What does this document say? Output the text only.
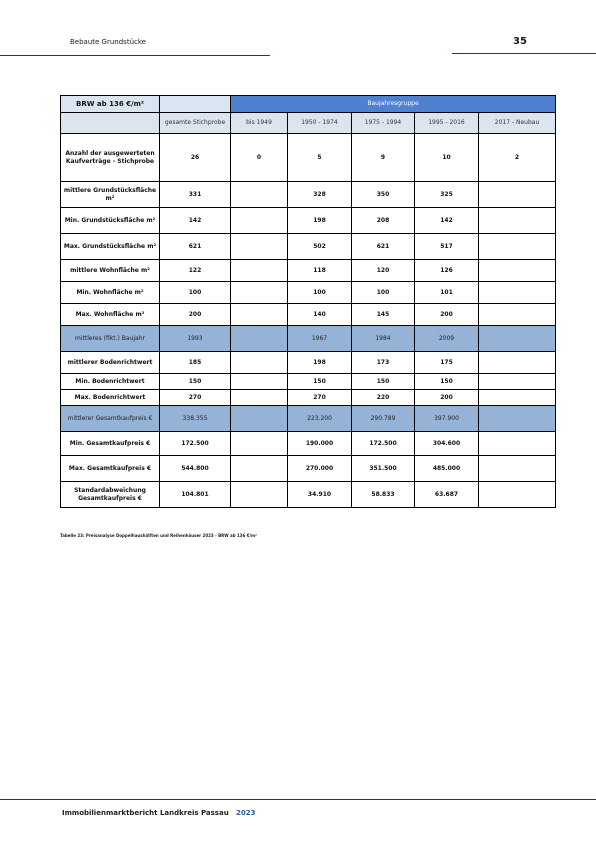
Bebaute Grundstücke	35
BRW ab 136 €/m²		Baujahresgruppe				
	gesamte Stichprobe	bis 1949	1950 - 1974	1975 - 1994	1995 - 2016	2017 - Neubau
Anzahl der ausgewerteten Kaufverträge - Stichprobe	26	0	5	9	10	2
mittlere Grundstücksfläche m²	331		328	350	325	
Min. Grundstücksfläche m²	142		198	208	142	
Max. Grundstücksfläche m²	621		502	621	517	
mittlere Wohnfläche m²	122		118	120	126	
Min. Wohnfläche m²	100		100	100	101	
Max. Wohnfläche m²	200		140	145	200	
mittleres (fikt.) Baujahr	1993		1967	1984	2009	
mittlerer Bodenrichtwert	185		198	173	175	
Min. Bodenrichtwert	150		150	150	150	
Max. Bodenrichtwert	270		270	220	200	
mittlerer Gesamtkaufpreis €	338.355		223.200	290.789	397.900	
Min. Gesamtkaufpreis €	172.500		190.000	172.500	304.600	
Max. Gesamtkaufpreis €	544.800		270.000	351.500	485.000	
Standardabweichung Gesamtkaufpreis €	104.801		34.910	58.833	63.687	
Tabelle 23: Preisanalyse Doppelhaushälften und Reihenhäuser 2023 - BRW ab 136 €/m²
Immobilienmarktbericht Landkreis Passau 2023
